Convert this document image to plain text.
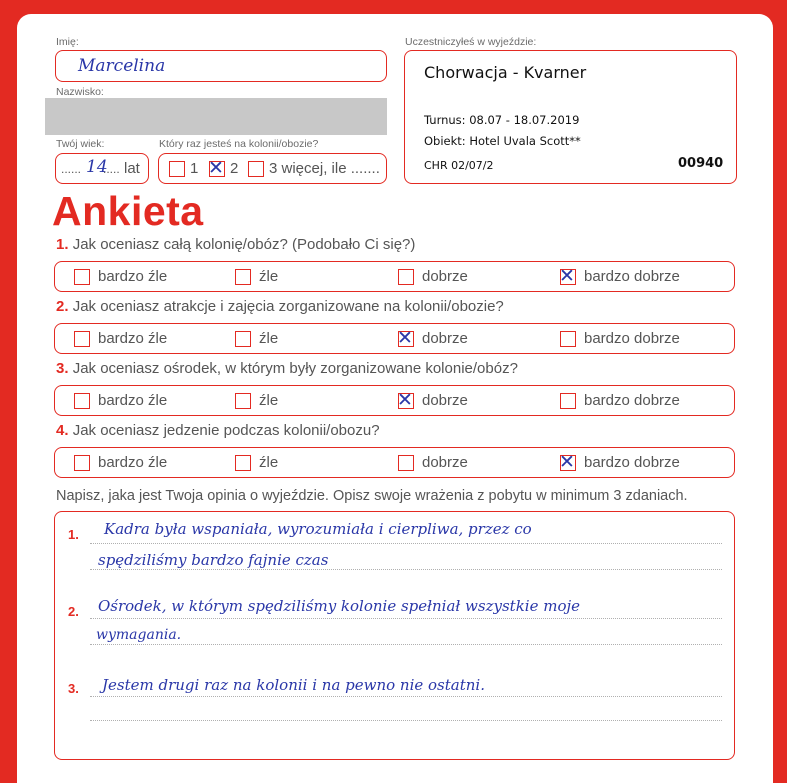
Imię:
Marcelina
Nazwisko:
Twój wiek:
...... 14
..... lat
Który raz jesteś na kolonii/obozie?
1 ✕ 2 3 więcej, ile .......
Uczestniczyłeś w wyjeździe:
Chorwacja - Kvarner
Turnus: 08.07 - 18.07.2019
Obiekt: Hotel Uvala Scott**
CHR 02/07/2	00940
Ankieta
1. Jak oceniasz całą kolonię/obóz? (Podobało Ci się?)
bardzo źle	źle	dobrze	✕ bardzo dobrze
2. Jak oceniasz atrakcje i zajęcia zorganizowane na kolonii/obozie?
bardzo źle	źle	✕ dobrze	bardzo dobrze
3. Jak oceniasz ośrodek, w którym były zorganizowane kolonie/obóz?
bardzo źle	źle	✕ dobrze	bardzo dobrze
4. Jak oceniasz jedzenie podczas kolonii/obozu?
bardzo źle	źle	dobrze	✕ bardzo dobrze
Napisz, jaka jest Twoja opinia o wyjeździe. Opisz swoje wrażenia z pobytu w minimum 3 zdaniach.
1. Kadra była wspaniała, wyrozumiała i cierpliwa, przez co
spędziliśmy bardzo fajnie czas
2. Ośrodek, w którym spędziliśmy kolonie spełniał wszystkie moje
wymagania.
3. Jestem drugi raz na kolonii i na pewno nie ostatni.
